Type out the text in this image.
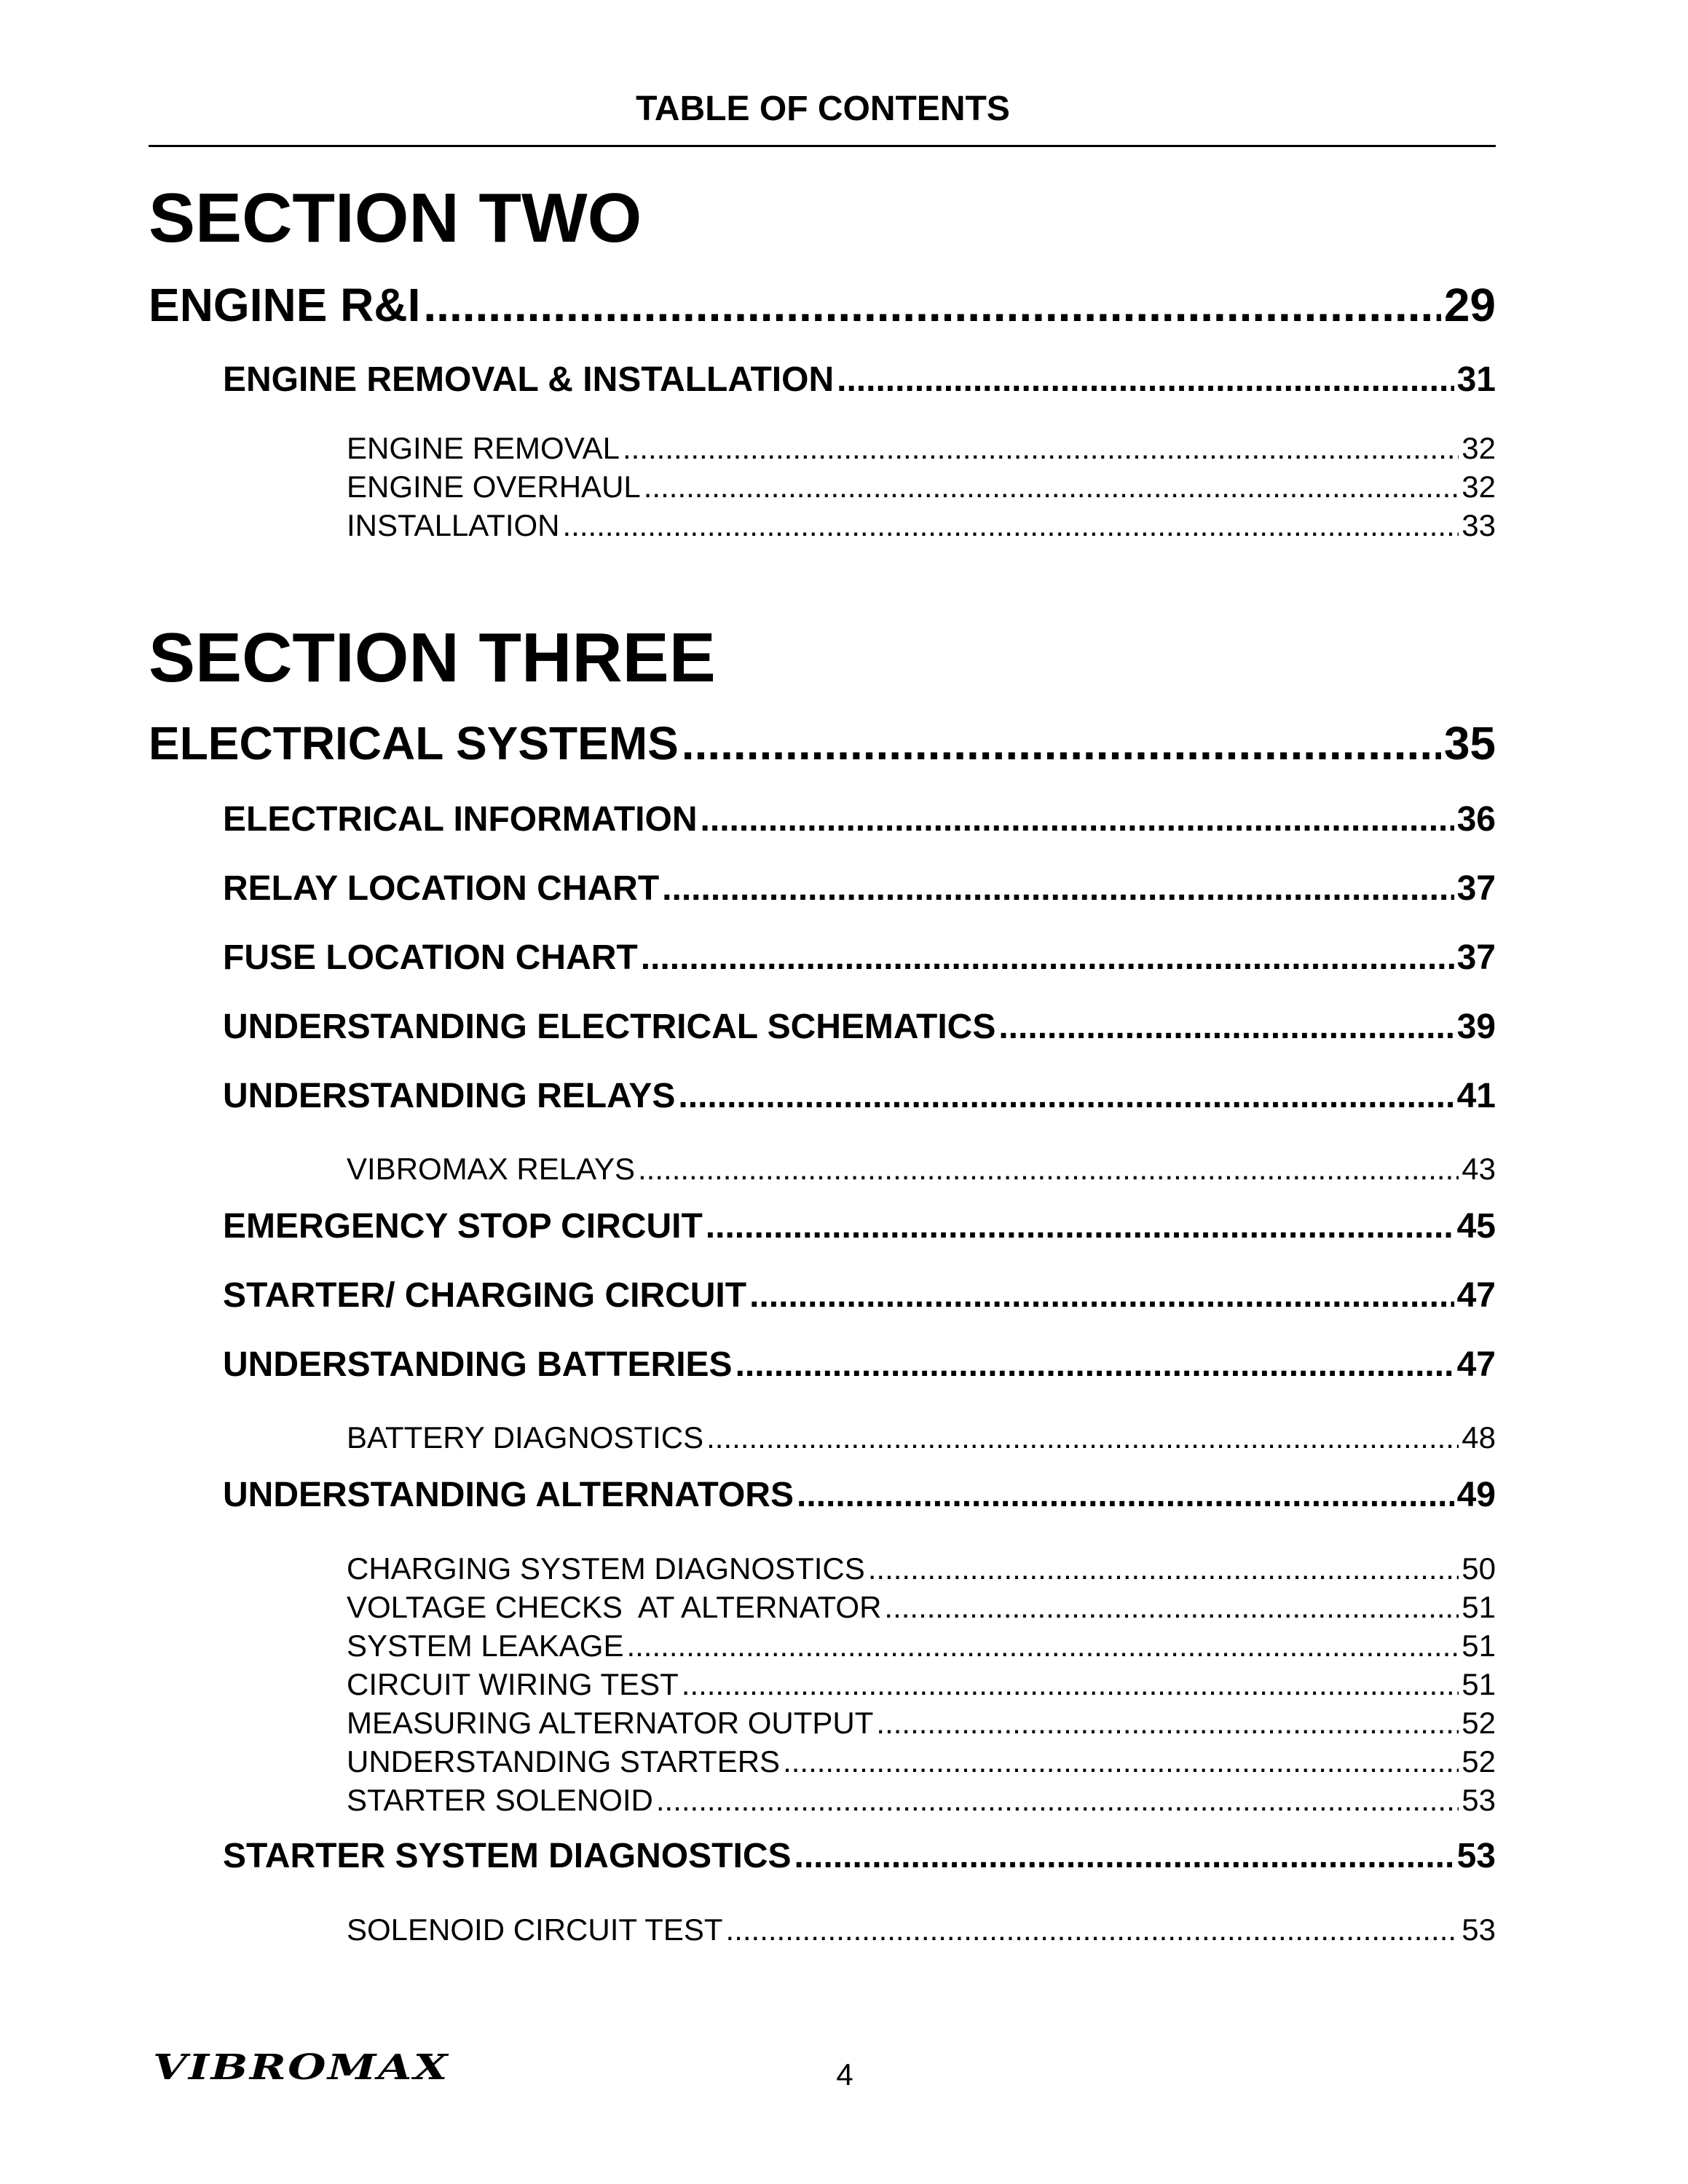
TABLE OF CONTENTS
SECTION TWO
ENGINE R&I .....	29
ENGINE REMOVAL & INSTALLATION .....	31
ENGINE REMOVAL .....	32
ENGINE OVERHAUL .....	32
INSTALLATION .....	33
SECTION THREE
ELECTRICAL SYSTEMS .....	35
ELECTRICAL INFORMATION .....	36
RELAY LOCATION CHART .....	37
FUSE LOCATION CHART .....	37
UNDERSTANDING ELECTRICAL SCHEMATICS .....	39
UNDERSTANDING RELAYS .....	41
VIBROMAX RELAYS .....	43
EMERGENCY STOP CIRCUIT .....	45
STARTER/ CHARGING CIRCUIT .....	47
UNDERSTANDING BATTERIES .....	47
BATTERY DIAGNOSTICS .....	48
UNDERSTANDING ALTERNATORS .....	49
CHARGING SYSTEM DIAGNOSTICS .....	50
VOLTAGE CHECKS  AT ALTERNATOR .....	51
SYSTEM LEAKAGE .....	51
CIRCUIT WIRING TEST .....	51
MEASURING ALTERNATOR OUTPUT .....	52
UNDERSTANDING STARTERS .....	52
STARTER SOLENOID .....	53
STARTER SYSTEM DIAGNOSTICS .....	53
SOLENOID CIRCUIT TEST .....	53
VIBROMAX	4
